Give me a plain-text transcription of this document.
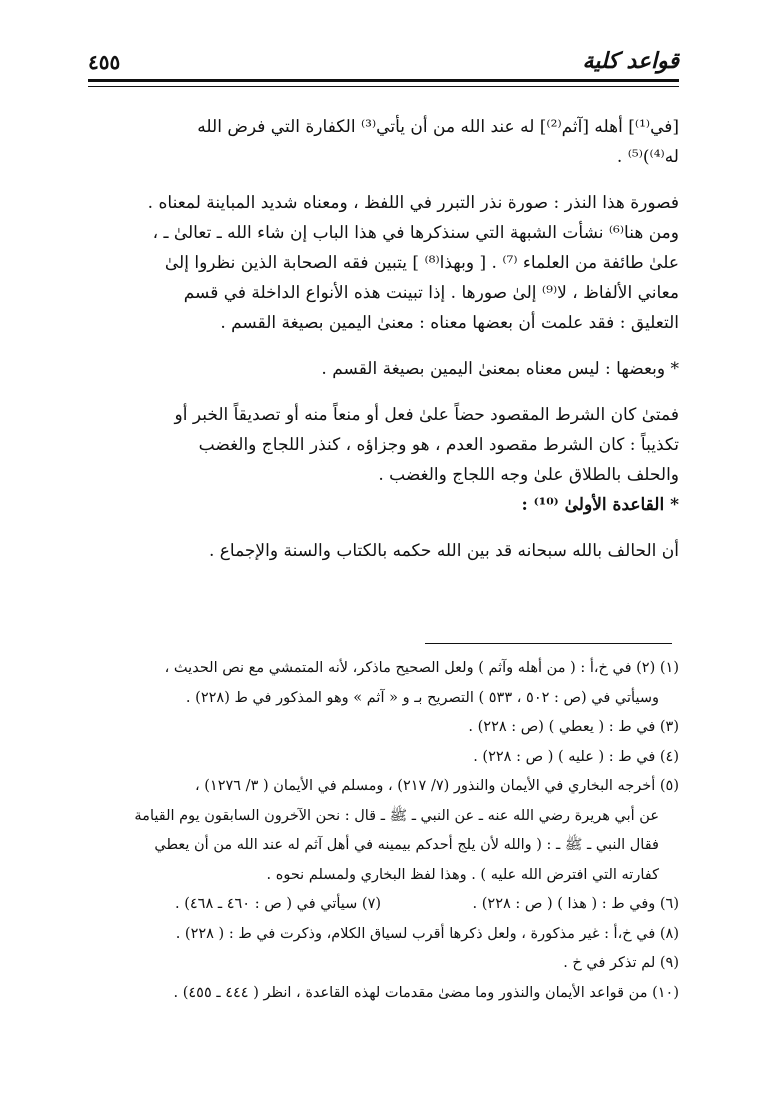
قواعد كلية
٤٥٥

[في⁽¹⁾] أهله [آثم⁽²⁾] له عند الله من أن يأتي⁽³⁾ الكفارة التي فرض الله

له⁽⁴⁾)⁽⁵⁾ .

فصورة هذا النذر : صورة نذر التبرر في اللفظ ، ومعناه شديد المباينة لمعناه .

ومن هنا⁽⁶⁾ نشأت الشبهة التي سنذكرها في هذا الباب إن شاء الله ـ تعالىٰ ـ ،

علىٰ طائفة من العلماء ⁽⁷⁾ . [ وبهذا⁽⁸⁾ ] يتبين فقه الصحابة الذين نظروا إلىٰ

معاني الألفاظ ، لا⁽⁹⁾ إلىٰ صورها . إذا تبينت هذه الأنواع الداخلة في قسم

التعليق : فقد علمت أن بعضها معناه : معنىٰ اليمين بصيغة القسم .

* وبعضها : ليس معناه بمعنىٰ اليمين بصيغة القسم .

فمتىٰ كان الشرط المقصود حضاً علىٰ فعل أو منعاً منه أو تصديقاً الخبر أو

تكذيباً : كان الشرط مقصود العدم ، هو وجزاؤه ، كنذر اللجاج والغضب

والحلف بالطلاق علىٰ وجه اللجاج والغضب .

* القاعدة الأولىٰ ⁽¹⁰⁾ :

أن الحالف بالله سبحانه قد بين الله حكمه بالكتاب والسنة والإجماع .

(١) (٢) في خ،أ : ( من أهله وآثم ) ولعل الصحيح ماذكر، لأنه المتمشي مع نص الحديث ،

وسيأتي في (ص : ٥٠٢ ، ٥٣٣ ) التصريح بـ و « آثم » وهو المذكور في ط (٢٢٨) .

(٣) في ط : ( يعطي ) (ص : ٢٢٨) .

(٤) في ط : ( عليه ) ( ص : ٢٢٨) .

(٥) أخرجه البخاري في الأيمان والنذور (٧/ ٢١٧) ، ومسلم في الأيمان ( ٣/ ١٢٧٦) ،

عن أبي هريرة رضي الله عنه ـ عن النبي ـ ﷺ ـ قال : نحن الآخرون السابقون يوم القيامة

فقال النبي ـ ﷺ ـ : ( والله لأن يلج أحدكم بيمينه في أهل آثم له عند الله من أن يعطي

كفارته التي افترض الله عليه ) . وهذا لفظ البخاري ولمسلم نحوه .

(٦) وفي ط : ( هذا ) ( ص : ٢٢٨) .
(٧) سيأتي في ( ص : ٤٦٠ ـ ٤٦٨) .

(٨) في خ،أ : غير مذكورة ، ولعل ذكرها أقرب لسياق الكلام، وذكرت في ط : ( ٢٢٨) .

(٩) لم تذكر في خ .

(١٠) من قواعد الأيمان والنذور وما مضىٰ مقدمات لهذه القاعدة ، انظر ( ٤٤٤ ـ ٤٥٥) .
